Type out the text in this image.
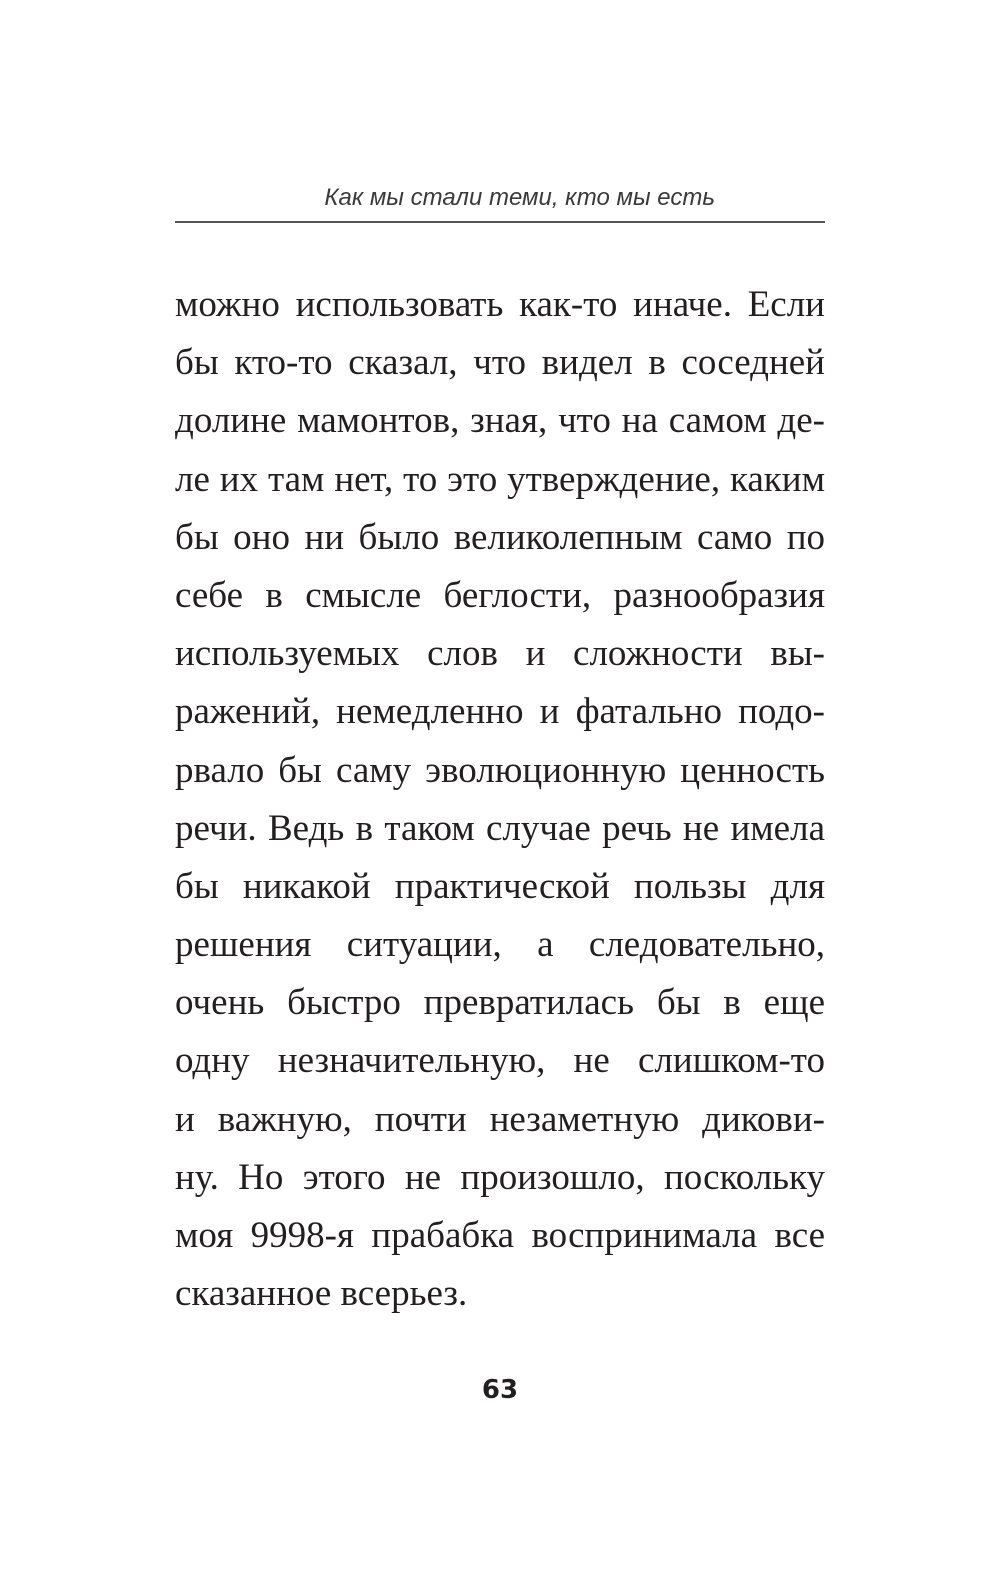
Как мы стали теми, кто мы есть
можно использовать как-то иначе. Если
бы кто-то сказал, что видел в соседней
долине мамонтов, зная, что на самом де-
ле их там нет, то это утверждение, каким
бы оно ни было великолепным само по
себе в смысле беглости, разнообразия
используемых слов и сложности вы-
ражений, немедленно и фатально подо-
рвало бы саму эволюционную ценность
речи. Ведь в таком случае речь не имела
бы никакой практической пользы для
решения ситуации, а следовательно,
очень быстро превратилась бы в еще
одну незначительную, не слишком-то
и важную, почти незаметную дикови-
ну. Но этого не произошло, поскольку
моя 9998-я прабабка воспринимала все
сказанное всерьез.
63
